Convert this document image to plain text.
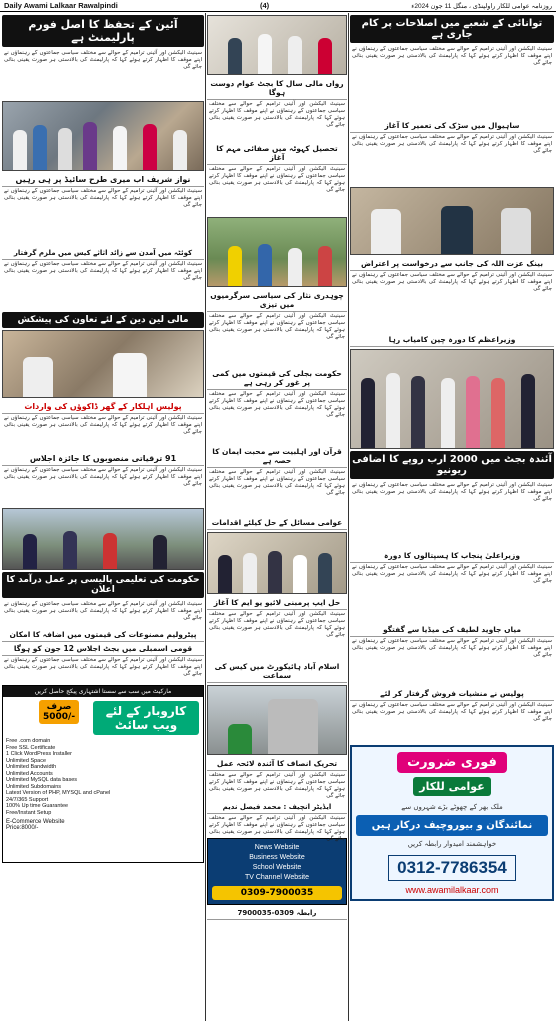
Daily Awami Lalkaar Rawalpindi	(4)	روزنامہ عوامی للکار راولپنڈی ، منگل 11 جون 2024ء
آئین کے تحفظ کا اصل فورم پارلیمنٹ ہے
سینیٹ الیکشن اور آئینی ترامیم کے حوالے سے مختلف سیاسی جماعتوں کے رہنماؤں نے اپنے موقف کا اظہار کرتے ہوئے کہا کہ پارلیمنٹ کی بالادستی ہر صورت یقینی بنائی جائے گی
نواز شریف اب میری طرح سائیڈ پر ہی رہیں
سینیٹ الیکشن اور آئینی ترامیم کے حوالے سے مختلف سیاسی جماعتوں کے رہنماؤں نے اپنے موقف کا اظہار کرتے ہوئے کہا کہ پارلیمنٹ کی بالادستی ہر صورت یقینی بنائی جائے گی
کوئٹہ میں آمدن سے زائد اثاثے کیس میں ملزم گرفتار
سینیٹ الیکشن اور آئینی ترامیم کے حوالے سے مختلف سیاسی جماعتوں کے رہنماؤں نے اپنے موقف کا اظہار کرتے ہوئے کہا کہ پارلیمنٹ کی بالادستی ہر صورت یقینی بنائی جائے گی
مالی لین دین کے لئے تعاون کی پیشکش
پولیس اہلکار کے گھر ڈاکوؤں کی واردات
سینیٹ الیکشن اور آئینی ترامیم کے حوالے سے مختلف سیاسی جماعتوں کے رہنماؤں نے اپنے موقف کا اظہار کرتے ہوئے کہا کہ پارلیمنٹ کی بالادستی ہر صورت یقینی بنائی جائے گی
91 ترقیاتی منصوبوں کا جائزہ اجلاس
سینیٹ الیکشن اور آئینی ترامیم کے حوالے سے مختلف سیاسی جماعتوں کے رہنماؤں نے اپنے موقف کا اظہار کرتے ہوئے کہا کہ پارلیمنٹ کی بالادستی ہر صورت یقینی بنائی جائے گی
حکومت کی تعلیمی پالیسی پر عمل درآمد کا اعلان
سینیٹ الیکشن اور آئینی ترامیم کے حوالے سے مختلف سیاسی جماعتوں کے رہنماؤں نے اپنے موقف کا اظہار کرتے ہوئے کہا کہ پارلیمنٹ کی بالادستی ہر صورت یقینی بنائی جائے گی
پیٹرولیم مصنوعات کی قیمتوں میں اضافہ کا امکان
قومی اسمبلی میں بجٹ اجلاس 12 جون کو ہوگا
سینیٹ الیکشن اور آئینی ترامیم کے حوالے سے مختلف سیاسی جماعتوں کے رہنماؤں نے اپنے موقف کا اظہار کرتے ہوئے کہا کہ پارلیمنٹ کی بالادستی ہر صورت یقینی بنائی جائے گی
مارکیٹ میں سب سے سستا اشتہاری پیکج حاصل کریں
صرف
5000/-	کاروبار کے لئے ویب سائٹ
Free .com domain
Free SSL Certificate
1 Click WordPress Installer
Unlimited Space
Unlimited Bandwidth
Unlimited Accounts
Unlimited MySQL data bases
Unlimited Subdomains
Latest Version of PHP, MYSQL and cPanel
24/7/365 Support
100% Up time Guarantee
Free/Instant Setup
E-Commerce Website
Price:8000/-
رواں مالی سال کا بجٹ عوام دوست ہوگا
سینیٹ الیکشن اور آئینی ترامیم کے حوالے سے مختلف سیاسی جماعتوں کے رہنماؤں نے اپنے موقف کا اظہار کرتے ہوئے کہا کہ پارلیمنٹ کی بالادستی ہر صورت یقینی بنائی جائے گی
تحصیل کہوٹہ میں صفائی مہم کا آغاز
سینیٹ الیکشن اور آئینی ترامیم کے حوالے سے مختلف سیاسی جماعتوں کے رہنماؤں نے اپنے موقف کا اظہار کرتے ہوئے کہا کہ پارلیمنٹ کی بالادستی ہر صورت یقینی بنائی جائے گی
چوہدری نثار کی سیاسی سرگرمیوں میں تیزی
سینیٹ الیکشن اور آئینی ترامیم کے حوالے سے مختلف سیاسی جماعتوں کے رہنماؤں نے اپنے موقف کا اظہار کرتے ہوئے کہا کہ پارلیمنٹ کی بالادستی ہر صورت یقینی بنائی جائے گی
حکومت بجلی کی قیمتوں میں کمی پر غور کر رہی ہے
سینیٹ الیکشن اور آئینی ترامیم کے حوالے سے مختلف سیاسی جماعتوں کے رہنماؤں نے اپنے موقف کا اظہار کرتے ہوئے کہا کہ پارلیمنٹ کی بالادستی ہر صورت یقینی بنائی جائے گی
قرآن اور اہلبیت سے محبت ایمان کا حصہ ہے
سینیٹ الیکشن اور آئینی ترامیم کے حوالے سے مختلف سیاسی جماعتوں کے رہنماؤں نے اپنے موقف کا اظہار کرتے ہوئے کہا کہ پارلیمنٹ کی بالادستی ہر صورت یقینی بنائی جائے گی
عوامی مسائل کے حل کیلئے اقدامات
حل ایپ پرمبنی لائیو یو ایم کا آغاز
سینیٹ الیکشن اور آئینی ترامیم کے حوالے سے مختلف سیاسی جماعتوں کے رہنماؤں نے اپنے موقف کا اظہار کرتے ہوئے کہا کہ پارلیمنٹ کی بالادستی ہر صورت یقینی بنائی جائے گی
اسلام آباد ہائیکورٹ میں کیس کی سماعت
تحریک انصاف کا آئندہ لائحہ عمل
سینیٹ الیکشن اور آئینی ترامیم کے حوالے سے مختلف سیاسی جماعتوں کے رہنماؤں نے اپنے موقف کا اظہار کرتے ہوئے کہا کہ پارلیمنٹ کی بالادستی ہر صورت یقینی بنائی جائے گی
ایڈیٹر انچیف : محمد فیصل ندیم
سینیٹ الیکشن اور آئینی ترامیم کے حوالے سے مختلف سیاسی جماعتوں کے رہنماؤں نے اپنے موقف کا اظہار کرتے ہوئے کہا کہ پارلیمنٹ کی بالادستی ہر صورت یقینی بنائی جائے گی
News Website
Business Website
School Website
TV Channel Website
0309-7900035
رابطہ 0309-7900035
توانائی کے شعبے میں اصلاحات پر کام جاری ہے
سینیٹ الیکشن اور آئینی ترامیم کے حوالے سے مختلف سیاسی جماعتوں کے رہنماؤں نے اپنے موقف کا اظہار کرتے ہوئے کہا کہ پارلیمنٹ کی بالادستی ہر صورت یقینی بنائی جائے گی
ساہیوال میں سڑک کی تعمیر کا آغاز
سینیٹ الیکشن اور آئینی ترامیم کے حوالے سے مختلف سیاسی جماعتوں کے رہنماؤں نے اپنے موقف کا اظہار کرتے ہوئے کہا کہ پارلیمنٹ کی بالادستی ہر صورت یقینی بنائی جائے گی
بینک عزت اللہ کی جانب سے درخواست پر اعتراض
سینیٹ الیکشن اور آئینی ترامیم کے حوالے سے مختلف سیاسی جماعتوں کے رہنماؤں نے اپنے موقف کا اظہار کرتے ہوئے کہا کہ پارلیمنٹ کی بالادستی ہر صورت یقینی بنائی جائے گی
وزیراعظم کا دورہ چین کامیاب رہا
آئندہ بجٹ میں 2000 ارب روپے کا اضافی ریونیو
سینیٹ الیکشن اور آئینی ترامیم کے حوالے سے مختلف سیاسی جماعتوں کے رہنماؤں نے اپنے موقف کا اظہار کرتے ہوئے کہا کہ پارلیمنٹ کی بالادستی ہر صورت یقینی بنائی جائے گی
وزیراعلیٰ پنجاب کا ہسپتالوں کا دورہ
سینیٹ الیکشن اور آئینی ترامیم کے حوالے سے مختلف سیاسی جماعتوں کے رہنماؤں نے اپنے موقف کا اظہار کرتے ہوئے کہا کہ پارلیمنٹ کی بالادستی ہر صورت یقینی بنائی جائے گی
میاں جاوید لطیف کی میڈیا سے گفتگو
سینیٹ الیکشن اور آئینی ترامیم کے حوالے سے مختلف سیاسی جماعتوں کے رہنماؤں نے اپنے موقف کا اظہار کرتے ہوئے کہا کہ پارلیمنٹ کی بالادستی ہر صورت یقینی بنائی جائے گی
پولیس نے منشیات فروش گرفتار کر لئے
سینیٹ الیکشن اور آئینی ترامیم کے حوالے سے مختلف سیاسی جماعتوں کے رہنماؤں نے اپنے موقف کا اظہار کرتے ہوئے کہا کہ پارلیمنٹ کی بالادستی ہر صورت یقینی بنائی جائے گی
فوری ضرورت عوامی للکار
ملک بھر کے چھوٹے بڑے شہروں سے
نمائندگان و بیوروچیف درکار ہیں
خواہشمند امیدوار رابطہ کریں
0312-7786354
www.awamilalkaar.com
